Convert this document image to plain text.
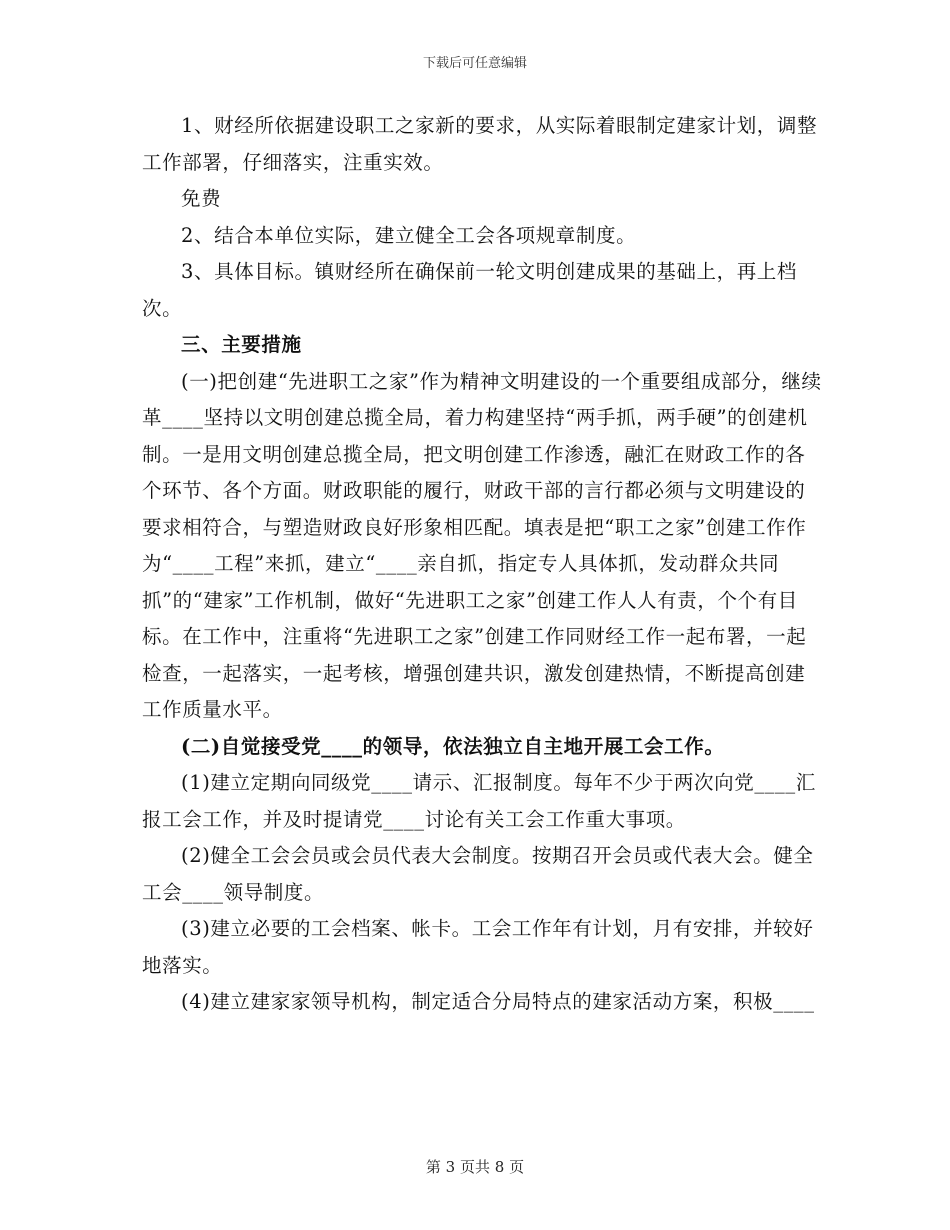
下载后可任意编辑

1、财经所依据建设职工之家新的要求，从实际着眼制定建家计划，调整工作部署，仔细落实，注重实效。

免费

2、结合本单位实际，建立健全工会各项规章制度。

3、具体目标。镇财经所在确保前一轮文明创建成果的基础上，再上档次。

三、主要措施

(一)把创建“先进职工之家”作为精神文明建设的一个重要组成部分，继续革____坚持以文明创建总揽全局，着力构建坚持“两手抓，两手硬”的创建机制。一是用文明创建总揽全局，把文明创建工作渗透，融汇在财政工作的各个环节、各个方面。财政职能的履行，财政干部的言行都必须与文明建设的要求相符合，与塑造财政良好形象相匹配。填表是把“职工之家”创建工作作为“____工程”来抓，建立“____亲自抓，指定专人具体抓，发动群众共同抓”的“建家”工作机制，做好“先进职工之家”创建工作人人有责，个个有目标。在工作中，注重将“先进职工之家”创建工作同财经工作一起布署，一起检查，一起落实，一起考核，增强创建共识，激发创建热情，不断提高创建工作质量水平。

(二)自觉接受党____的领导，依法独立自主地开展工会工作。

(1)建立定期向同级党____请示、汇报制度。每年不少于两次向党____汇报工会工作，并及时提请党____讨论有关工会工作重大事项。

(2)健全工会会员或会员代表大会制度。按期召开会员或代表大会。健全工会____领导制度。

(3)建立必要的工会档案、帐卡。工会工作年有计划，月有安排，并较好地落实。

(4)建立建家家领导机构，制定适合分局特点的建家活动方案，积极____

第 3 页共 8 页
